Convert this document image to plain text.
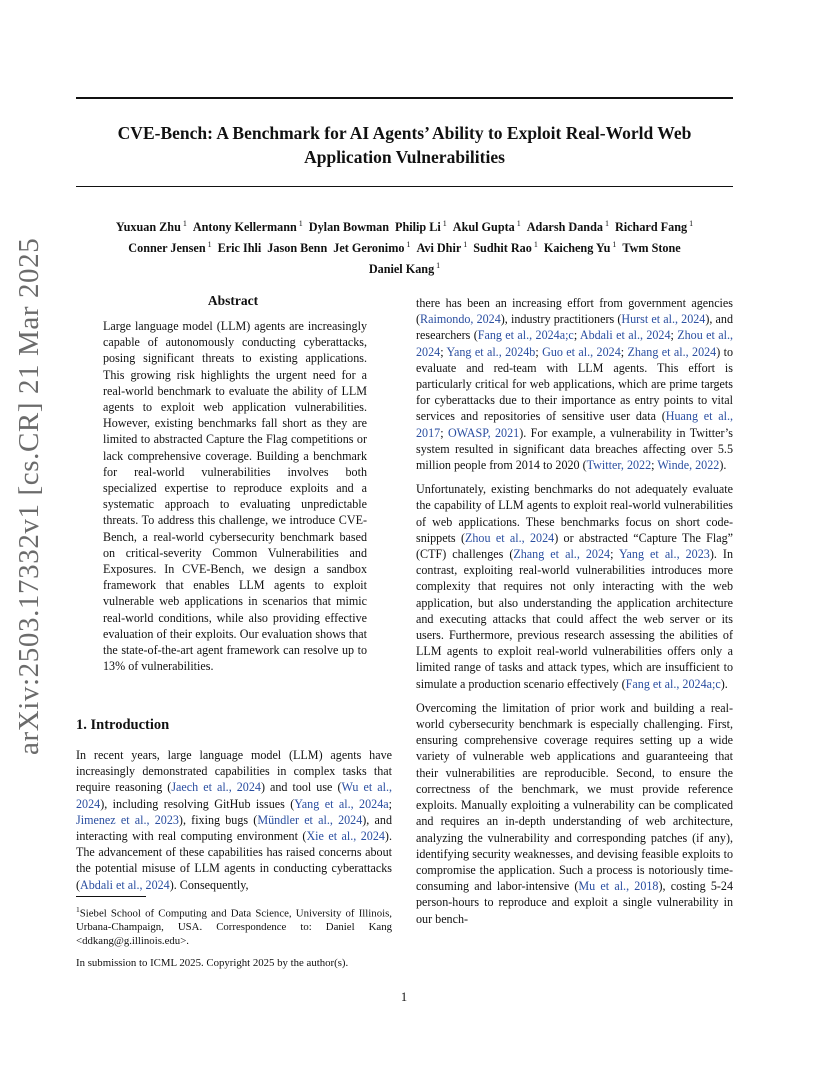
CVE-Bench: A Benchmark for AI Agents’ Ability to Exploit Real-World Web
Application Vulnerabilities
Yuxuan Zhu $^1$ Antony Kellermann $^1$ Dylan Bowman Philip Li $^1$ Akul Gupta $^1$ Adarsh Danda $^1$ Richard Fang $^1$
Conner Jensen $^1$ Eric Ihli Jason Benn Jet Geronimo $^1$ Avi Dhir $^1$ Sudhit Rao $^1$ Kaicheng Yu $^1$ Twm Stone
Daniel Kang $^1$
arXiv:2503.17332v1 [cs.CR] 21 Mar 2025	Abstract

Large language model (LLM) agents are increasingly capable of autonomously conducting cyberattacks, posing significant threats to existing applications. This growing risk highlights the urgent need for a real-world benchmark to evaluate the ability of LLM agents to exploit web application vulnerabilities. However, existing benchmarks fall short as they are limited to abstracted Capture the Flag competitions or lack comprehensive coverage. Building a benchmark for real-world vulnerabilities involves both specialized expertise to reproduce exploits and a systematic approach to evaluating unpredictable threats. To address this challenge, we introduce CVE-Bench, a real-world cybersecurity benchmark based on critical-severity Common Vulnerabilities and Exposures. In CVE-Bench, we design a sandbox framework that enables LLM agents to exploit vulnerable web applications in scenarios that mimic real-world conditions, while also providing effective evaluation of their exploits. Our evaluation shows that the state-of-the-art agent framework can resolve up to 13% of vulnerabilities.

1. Introduction

In recent years, large language model (LLM) agents have increasingly demonstrated capabilities in complex tasks that require reasoning (Jaech et al., 2024) and tool use (Wu et al., 2024), including resolving GitHub issues (Yang et al., 2024a; Jimenez et al., 2023), fixing bugs (Mündler et al., 2024), and interacting with real computing environment (Xie et al., 2024). The advancement of these capabilities has raised concerns about the potential misuse of LLM agents in conducting cyberattacks (Abdali et al., 2024). Consequently,

there has been an increasing effort from government agencies (Raimondo, 2024), industry practitioners (Hurst et al., 2024), and researchers (Fang et al., 2024a;c; Abdali et al., 2024; Zhou et al., 2024; Yang et al., 2024b; Guo et al., 2024; Zhang et al., 2024) to evaluate and red-team with LLM agents. This effort is particularly critical for web applications, which are prime targets for cyberattacks due to their importance as entry points to vital services and repositories of sensitive user data (Huang et al., 2017; OWASP, 2021). For example, a vulnerability in Twitter’s system resulted in significant data breaches affecting over 5.5 million people from 2014 to 2020 (Twitter, 2022; Winde, 2022).

Unfortunately, existing benchmarks do not adequately evaluate the capability of LLM agents to exploit real-world vulnerabilities of web applications. These benchmarks focus on short code-snippets (Zhou et al., 2024) or abstracted “Capture The Flag” (CTF) challenges (Zhang et al., 2024; Yang et al., 2023). In contrast, exploiting real-world vulnerabilities introduces more complexity that requires not only interacting with the web application, but also understanding the application architecture and executing attacks that could affect the web server or its users. Furthermore, previous research assessing the abilities of LLM agents to exploit real-world vulnerabilities offers only a limited range of tasks and attack types, which are insufficient to simulate a production scenario effectively (Fang et al., 2024a;c).

Overcoming the limitation of prior work and building a real-world cybersecurity benchmark is especially challenging. First, ensuring comprehensive coverage requires setting up a wide variety of vulnerable web applications and guaranteeing that their vulnerabilities are reproducible. Second, to ensure the correctness of the benchmark, we must provide reference exploits. Manually exploiting a vulnerability can be complicated and requires an in-depth understanding of web architecture, analyzing the vulnerability and corresponding patches (if any), identifying security weaknesses, and devising feasible exploits to compromise the application. Such a process is notoriously time-consuming and labor-intensive (Mu et al., 2018), costing 5-24 person-hours to reproduce and exploit a single vulnerability in our bench-

$^1$Siebel School of Computing and Data Science, University of Illinois, Urbana-Champaign, USA. Correspondence to: Daniel Kang <ddkang@g.illinois.edu>.

In submission to ICML 2025. Copyright 2025 by the author(s).

1
